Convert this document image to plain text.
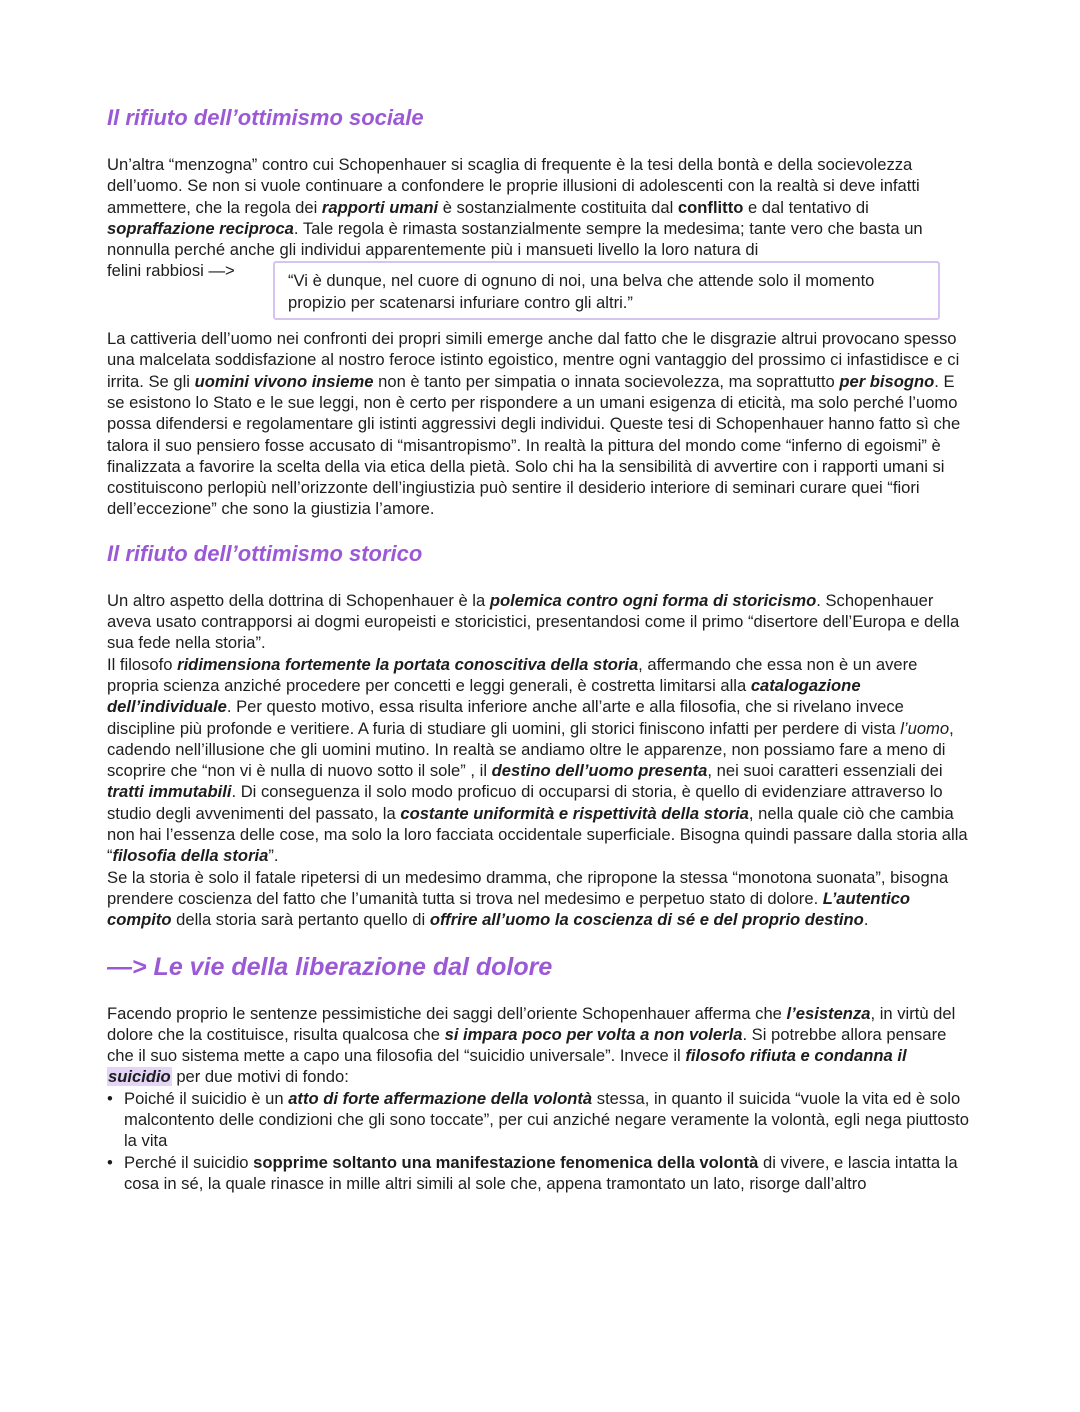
Il rifiuto dell’ottimismo sociale

Un’altra “menzogna” contro cui Schopenhauer si scaglia di frequente è la tesi della bontà e della socievolezza dell’uomo. Se non si vuole continuare a confondere le proprie illusioni di adolescenti con la realtà si deve infatti ammettere, che la regola dei rapporti umani è sostanzialmente costituita dal conflitto e dal tentativo di sopraffazione reciproca. Tale regola è rimasta sostanzialmente sempre la medesima; tante vero che basta un nonnulla perché anche gli individui apparentemente più i mansueti livello la loro natura di

felini rabbiosi —>
“Vi è dunque, nel cuore di ognuno di noi, una belva che attende solo il momento propizio per scatenarsi infuriare contro gli altri.”

La cattiveria dell’uomo nei confronti dei propri simili emerge anche dal fatto che le disgrazie altrui provocano spesso una malcelata soddisfazione al nostro feroce istinto egoistico, mentre ogni vantaggio del prossimo ci infastidisce e ci irrita. Se gli uomini vivono insieme non è tanto per simpatia o innata socievolezza, ma soprattutto per bisogno. E se esistono lo Stato e le sue leggi, non è certo per rispondere a un umani esigenza di eticità, ma solo perché l’uomo possa difendersi e regolamentare gli istinti aggressivi degli individui. Queste tesi di Schopenhauer hanno fatto sì che talora il suo pensiero fosse accusato di “misantropismo”. In realtà la pittura del mondo come “inferno di egoismi” è finalizzata a favorire la scelta della via etica della pietà. Solo chi ha la sensibilità di avvertire con i rapporti umani si costituiscono perlopiù nell’orizzonte dell’ingiustizia può sentire il desiderio interiore di seminari curare quei “fiori dell’eccezione” che sono la giustizia l’amore.

Il rifiuto dell’ottimismo storico

Un altro aspetto della dottrina di Schopenhauer è la polemica contro ogni forma di storicismo. Schopenhauer aveva usato contrapporsi ai dogmi europeisti e storicistici, presentandosi come il primo “disertore dell’Europa e della sua fede nella storia”.

Il filosofo ridimensiona fortemente la portata conoscitiva della storia, affermando che essa non è un avere propria scienza anziché procedere per concetti e leggi generali, è costretta limitarsi alla catalogazione dell’individuale. Per questo motivo, essa risulta inferiore anche all’arte e alla filosofia, che si rivelano invece discipline più profonde e veritiere. A furia di studiare gli uomini, gli storici finiscono infatti per perdere di vista l’uomo, cadendo nell’illusione che gli uomini mutino. In realtà se andiamo oltre le apparenze, non possiamo fare a meno di scoprire che “non vi è nulla di nuovo sotto il sole” , il destino dell’uomo presenta, nei suoi caratteri essenziali dei tratti immutabili. Di conseguenza il solo modo proficuo di occuparsi di storia, è quello di evidenziare attraverso lo studio degli avvenimenti del passato, la costante uniformità e rispettività della storia, nella quale ciò che cambia non hai l’essenza delle cose, ma solo la loro facciata occidentale superficiale. Bisogna quindi passare dalla storia alla “filosofia della storia”.

Se la storia è solo il fatale ripetersi di un medesimo dramma, che ripropone la stessa “monotona suonata”, bisogna prendere coscienza del fatto che l’umanità tutta si trova nel medesimo e perpetuo stato di dolore. L’autentico compito della storia sarà pertanto quello di offrire all’uomo la coscienza di sé e del proprio destino.

—> Le vie della liberazione dal dolore

Facendo proprio le sentenze pessimistiche dei saggi dell’oriente Schopenhauer afferma che l’esistenza, in virtù del dolore che la costituisce, risulta qualcosa che si impara poco per volta a non volerla. Si potrebbe allora pensare che il suo sistema mette a capo una filosofia del “suicidio universale”. Invece il filosofo rifiuta e condanna il suicidio per due motivi di fondo:

• Poiché il suicidio è un atto di forte affermazione della volontà stessa, in quanto il suicida “vuole la vita ed è solo malcontento delle condizioni che gli sono toccate”, per cui anziché negare veramente la volontà, egli nega piuttosto la vita
• Perché il suicidio sopprime soltanto una manifestazione fenomenica della volontà di vivere, e lascia intatta la cosa in sé, la quale rinasce in mille altri simili al sole che, appena tramontato un lato, risorge dall’altro
